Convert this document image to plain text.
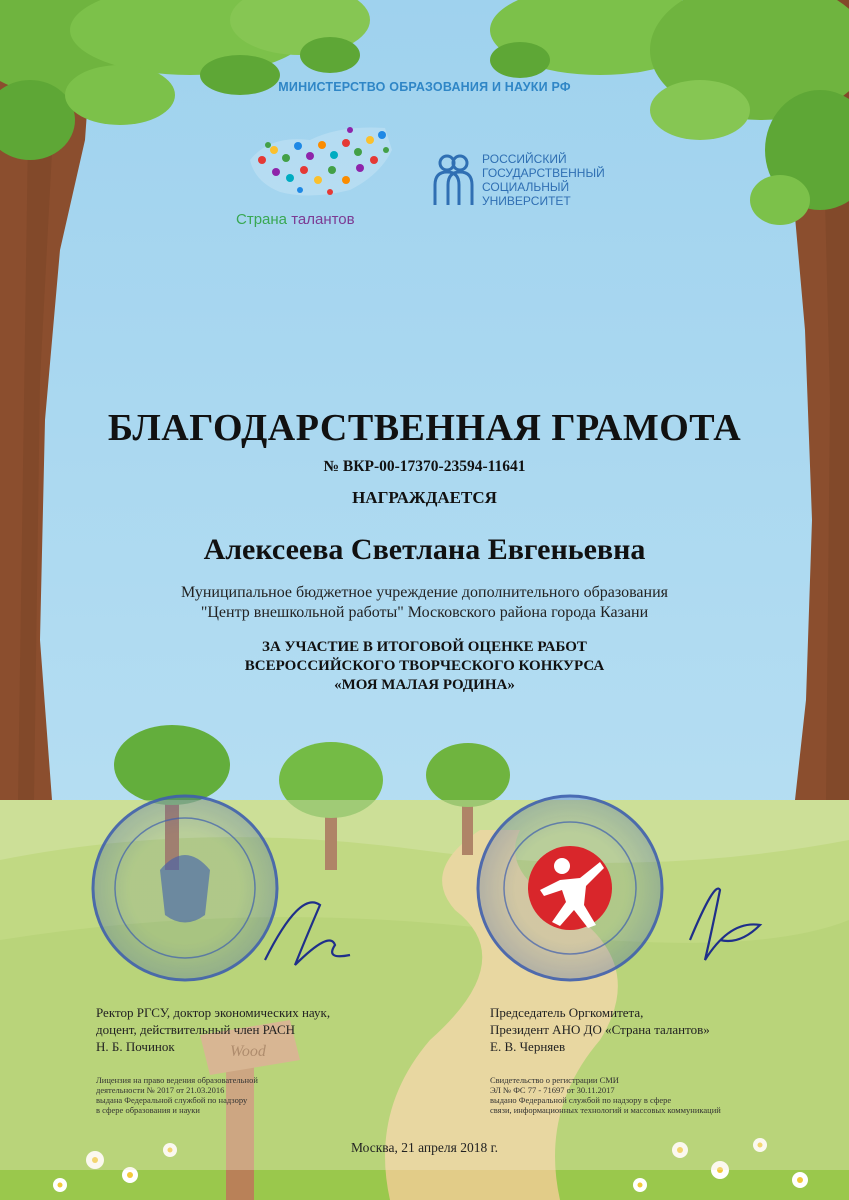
Wood
МИНИСТЕРСТВО ОБРАЗОВАНИЯ И НАУКИ РФ
Страна талантов
РОССИЙСКИЙ
ГОСУДАРСТВЕННЫЙ
СОЦИАЛЬНЫЙ
УНИВЕРСИТЕТ
БЛАГОДАРСТВЕННАЯ ГРАМОТА
№ ВКР-00-17370-23594-11641
НАГРАЖДАЕТСЯ
Алексеева Светлана Евгеньевна
Муниципальное бюджетное учреждение дополнительного образования
"Центр внешкольной работы" Московского района города Казани
ЗА УЧАСТИЕ В ИТОГОВОЙ ОЦЕНКЕ РАБОТ
ВСЕРОССИЙСКОГО ТВОРЧЕСКОГО КОНКУРСА
«МОЯ МАЛАЯ РОДИНА»
Ректор РГСУ, доктор экономических наук,
доцент, действительный член РАСН
Н. Б. Починок
Лицензия на право ведения образовательной
деятельности № 2017 от 21.03.2016
выдана Федеральной службой по надзору
в сфере образования и науки
Председатель Оргкомитета,
Президент АНО ДО «Страна талантов»
Е. В. Черняев
Свидетельство о регистрации СМИ
ЭЛ № ФС 77 - 71697 от 30.11.2017
выдано Федеральной службой по надзору в сфере
связи, информационных технологий и массовых коммуникаций
Москва, 21 апреля 2018 г.
